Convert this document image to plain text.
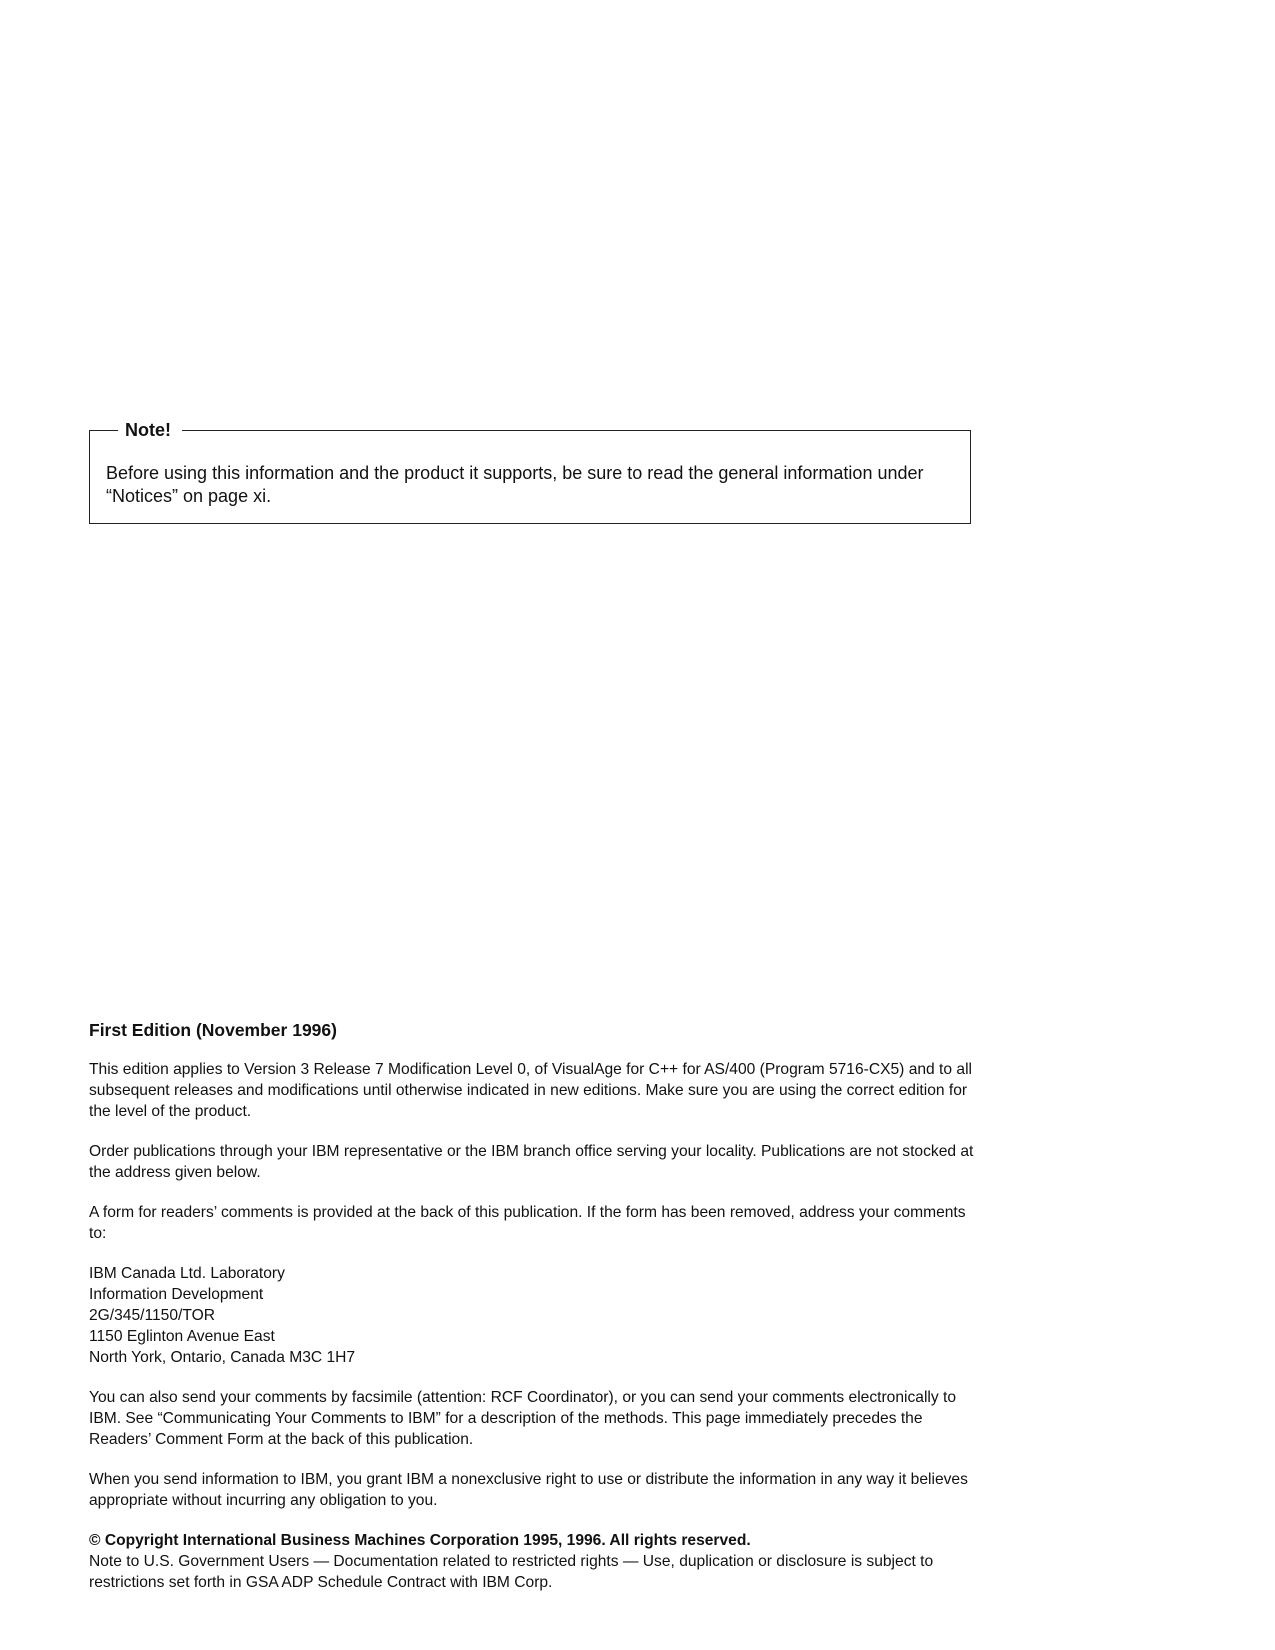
Note!

Before using this information and the product it supports, be sure to read the general information under “Notices” on page xi.

First Edition (November 1996)

This edition applies to Version 3 Release 7 Modification Level 0, of VisualAge for C++ for AS/400 (Program 5716-CX5) and to all subsequent releases and modifications until otherwise indicated in new editions. Make sure you are using the correct edition for the level of the product.

Order publications through your IBM representative or the IBM branch office serving your locality. Publications are not stocked at the address given below.

A form for readers’ comments is provided at the back of this publication. If the form has been removed, address your comments to:

IBM Canada Ltd. Laboratory
Information Development
2G/345/1150/TOR
1150 Eglinton Avenue East
North York, Ontario, Canada M3C 1H7

You can also send your comments by facsimile (attention: RCF Coordinator), or you can send your comments electronically to IBM. See “Communicating Your Comments to IBM” for a description of the methods. This page immediately precedes the Readers’ Comment Form at the back of this publication.

When you send information to IBM, you grant IBM a nonexclusive right to use or distribute the information in any way it believes appropriate without incurring any obligation to you.

© Copyright International Business Machines Corporation 1995, 1996. All rights reserved.
Note to U.S. Government Users — Documentation related to restricted rights — Use, duplication or disclosure is subject to restrictions set forth in GSA ADP Schedule Contract with IBM Corp.
